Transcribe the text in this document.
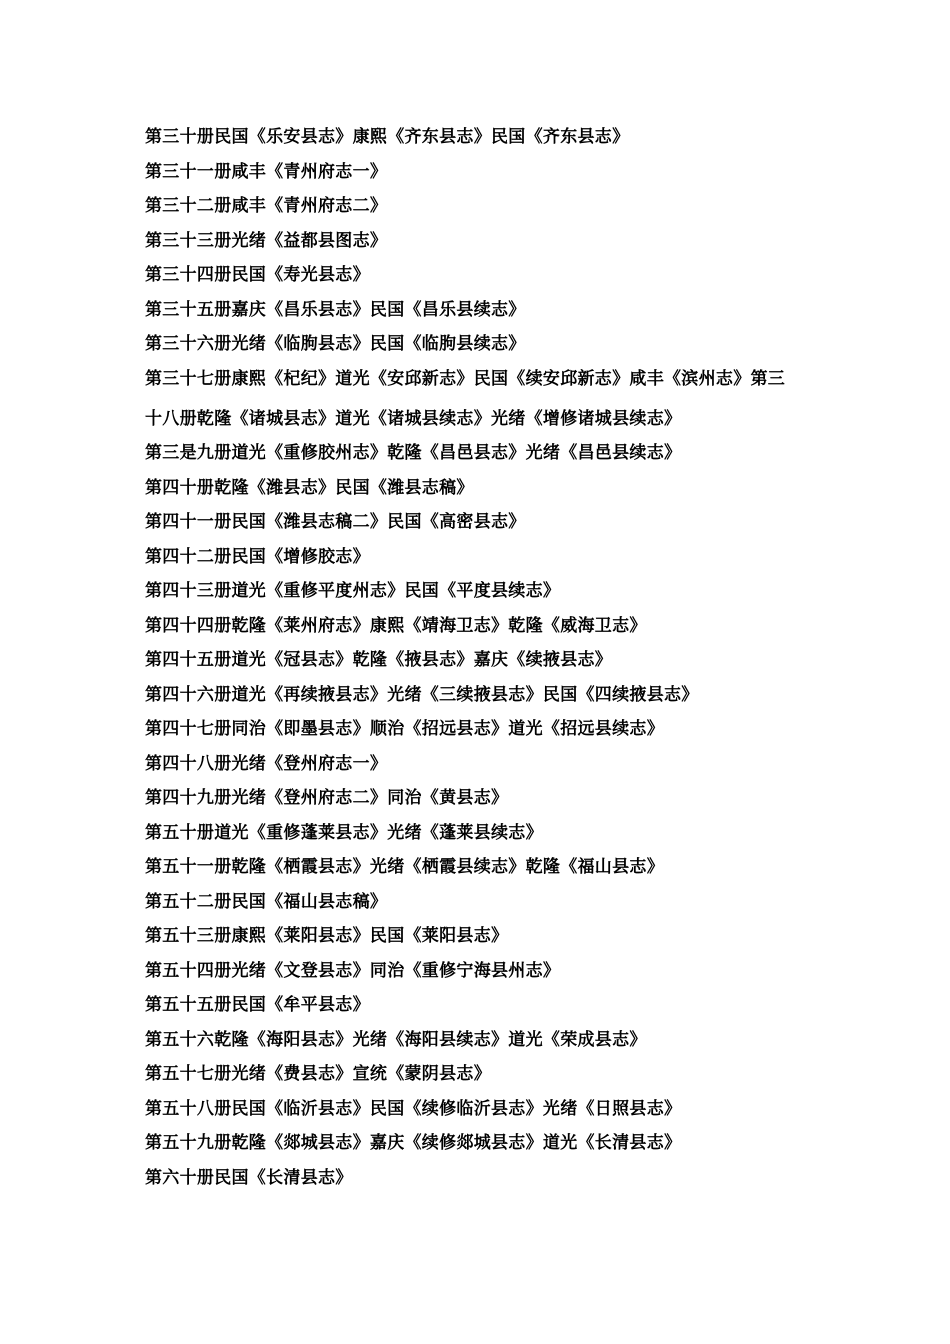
第三十册民国《乐安县志》康熙《齐东县志》民国《齐东县志》
第三十一册咸丰《青州府志一》
第三十二册咸丰《青州府志二》
第三十三册光绪《益都县图志》
第三十四册民国《寿光县志》
第三十五册嘉庆《昌乐县志》民国《昌乐县续志》
第三十六册光绪《临朐县志》民国《临朐县续志》
第三十七册康熙《杞纪》道光《安邱新志》民国《续安邱新志》咸丰《滨州志》第三
十八册乾隆《诸城县志》道光《诸城县续志》光绪《增修诸城县续志》
第三是九册道光《重修胶州志》乾隆《昌邑县志》光绪《昌邑县续志》
第四十册乾隆《潍县志》民国《潍县志稿》
第四十一册民国《潍县志稿二》民国《高密县志》
第四十二册民国《增修胶志》
第四十三册道光《重修平度州志》民国《平度县续志》
第四十四册乾隆《莱州府志》康熙《靖海卫志》乾隆《威海卫志》
第四十五册道光《冠县志》乾隆《掖县志》嘉庆《续掖县志》
第四十六册道光《再续掖县志》光绪《三续掖县志》民国《四续掖县志》
第四十七册同治《即墨县志》顺治《招远县志》道光《招远县续志》
第四十八册光绪《登州府志一》
第四十九册光绪《登州府志二》同治《黄县志》
第五十册道光《重修蓬莱县志》光绪《蓬莱县续志》
第五十一册乾隆《栖霞县志》光绪《栖霞县续志》乾隆《福山县志》
第五十二册民国《福山县志稿》
第五十三册康熙《莱阳县志》民国《莱阳县志》
第五十四册光绪《文登县志》同治《重修宁海县州志》
第五十五册民国《牟平县志》
第五十六乾隆《海阳县志》光绪《海阳县续志》道光《荣成县志》
第五十七册光绪《费县志》宣统《蒙阴县志》
第五十八册民国《临沂县志》民国《续修临沂县志》光绪《日照县志》
第五十九册乾隆《郯城县志》嘉庆《续修郯城县志》道光《长清县志》
第六十册民国《长清县志》
